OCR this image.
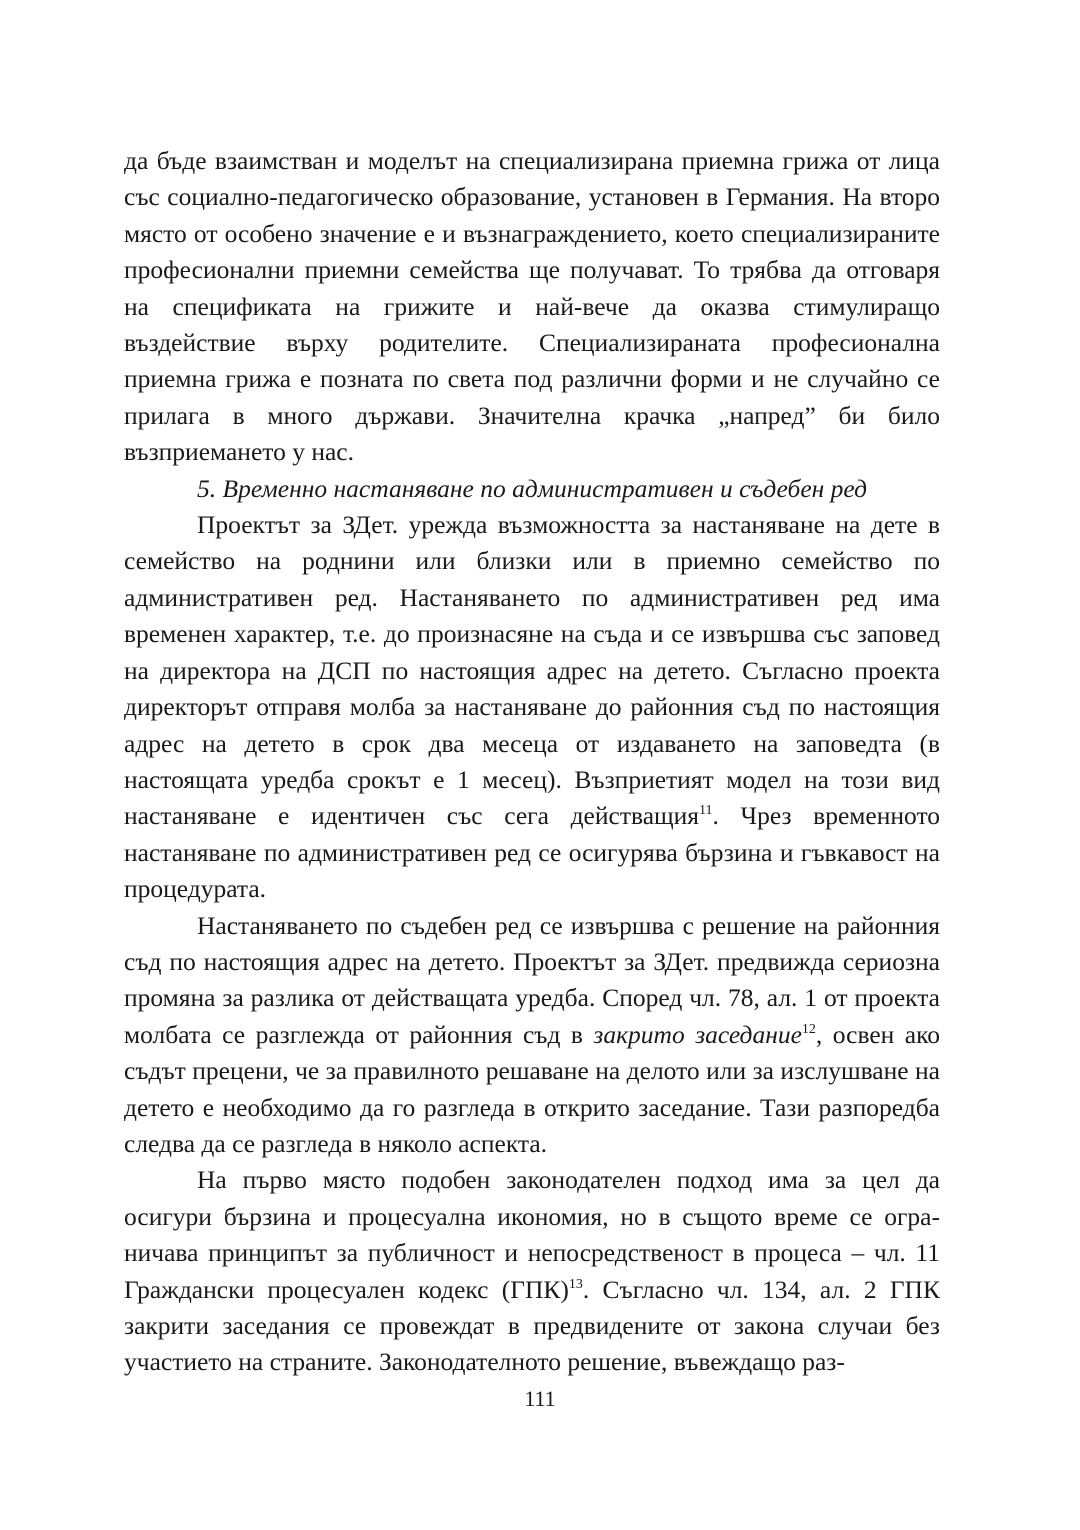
да бъде взаимстван и моделът на специализирана приемна грижа от лица със социално-педагогическо образование, установен в Германия. На второ място от особено значение е и възнаграждението, което специализираните професионални приемни семейства ще получават. То трябва да отговаря на спецификата на грижите и най-вече да оказва стимулиращо въздействие върху родителите. Специализираната професионална приемна грижа е позната по света под различни форми и не случайно се прилага в много държави. Значителна крачка „напред” би било възприемането у нас.

5. Временно настаняване по административен и съдебен ред

Проектът за ЗДет. урежда възможността за настаняване на дете в семейство на роднини или близки или в приемно семейство по административен ред. Настаняването по административен ред има временен характер, т.е. до произнасяне на съда и се извършва със заповед на директора на ДСП по настоящия адрес на детето. Съгласно проекта директорът отправя молба за настаняване до районния съд по настоящия адрес на детето в срок два месеца от издаването на заповедта (в настоящата уредба срокът е 1 месец). Възприетият модел на този вид настаняване е идентичен със сега действащия$^{11}$. Чрез временното настаняване по административен ред се осигурява бързина и гъвкавост на процедурата.

Настаняването по съдебен ред се извършва с решение на районния съд по настоящия адрес на детето. Проектът за ЗДет. предвижда сериозна промяна за разлика от действащата уредба. Според чл. 78, ал. 1 от проекта молбата се разглежда от районния съд в закрито заседание$^{12}$, освен ако съдът прецени, че за правилното решаване на делото или за изслушване на детето е необходимо да го разгледа в открито заседание. Тази разпоредба следва да се разгледа в няколо аспекта.

На първо място подобен законодателен подход има за цел да осигури бързина и процесуална икономия, но в същото време се ограничава принципът за публичност и непосредственост в процеса – чл. 11 Граждански процесуален кодекс (ГПК)$^{13}$. Съгласно чл. 134, ал. 2 ГПК закрити заседания се провеждат в предвидените от закона случаи без участието на страните. Законодателното решение, въвеждащо раз-

111
